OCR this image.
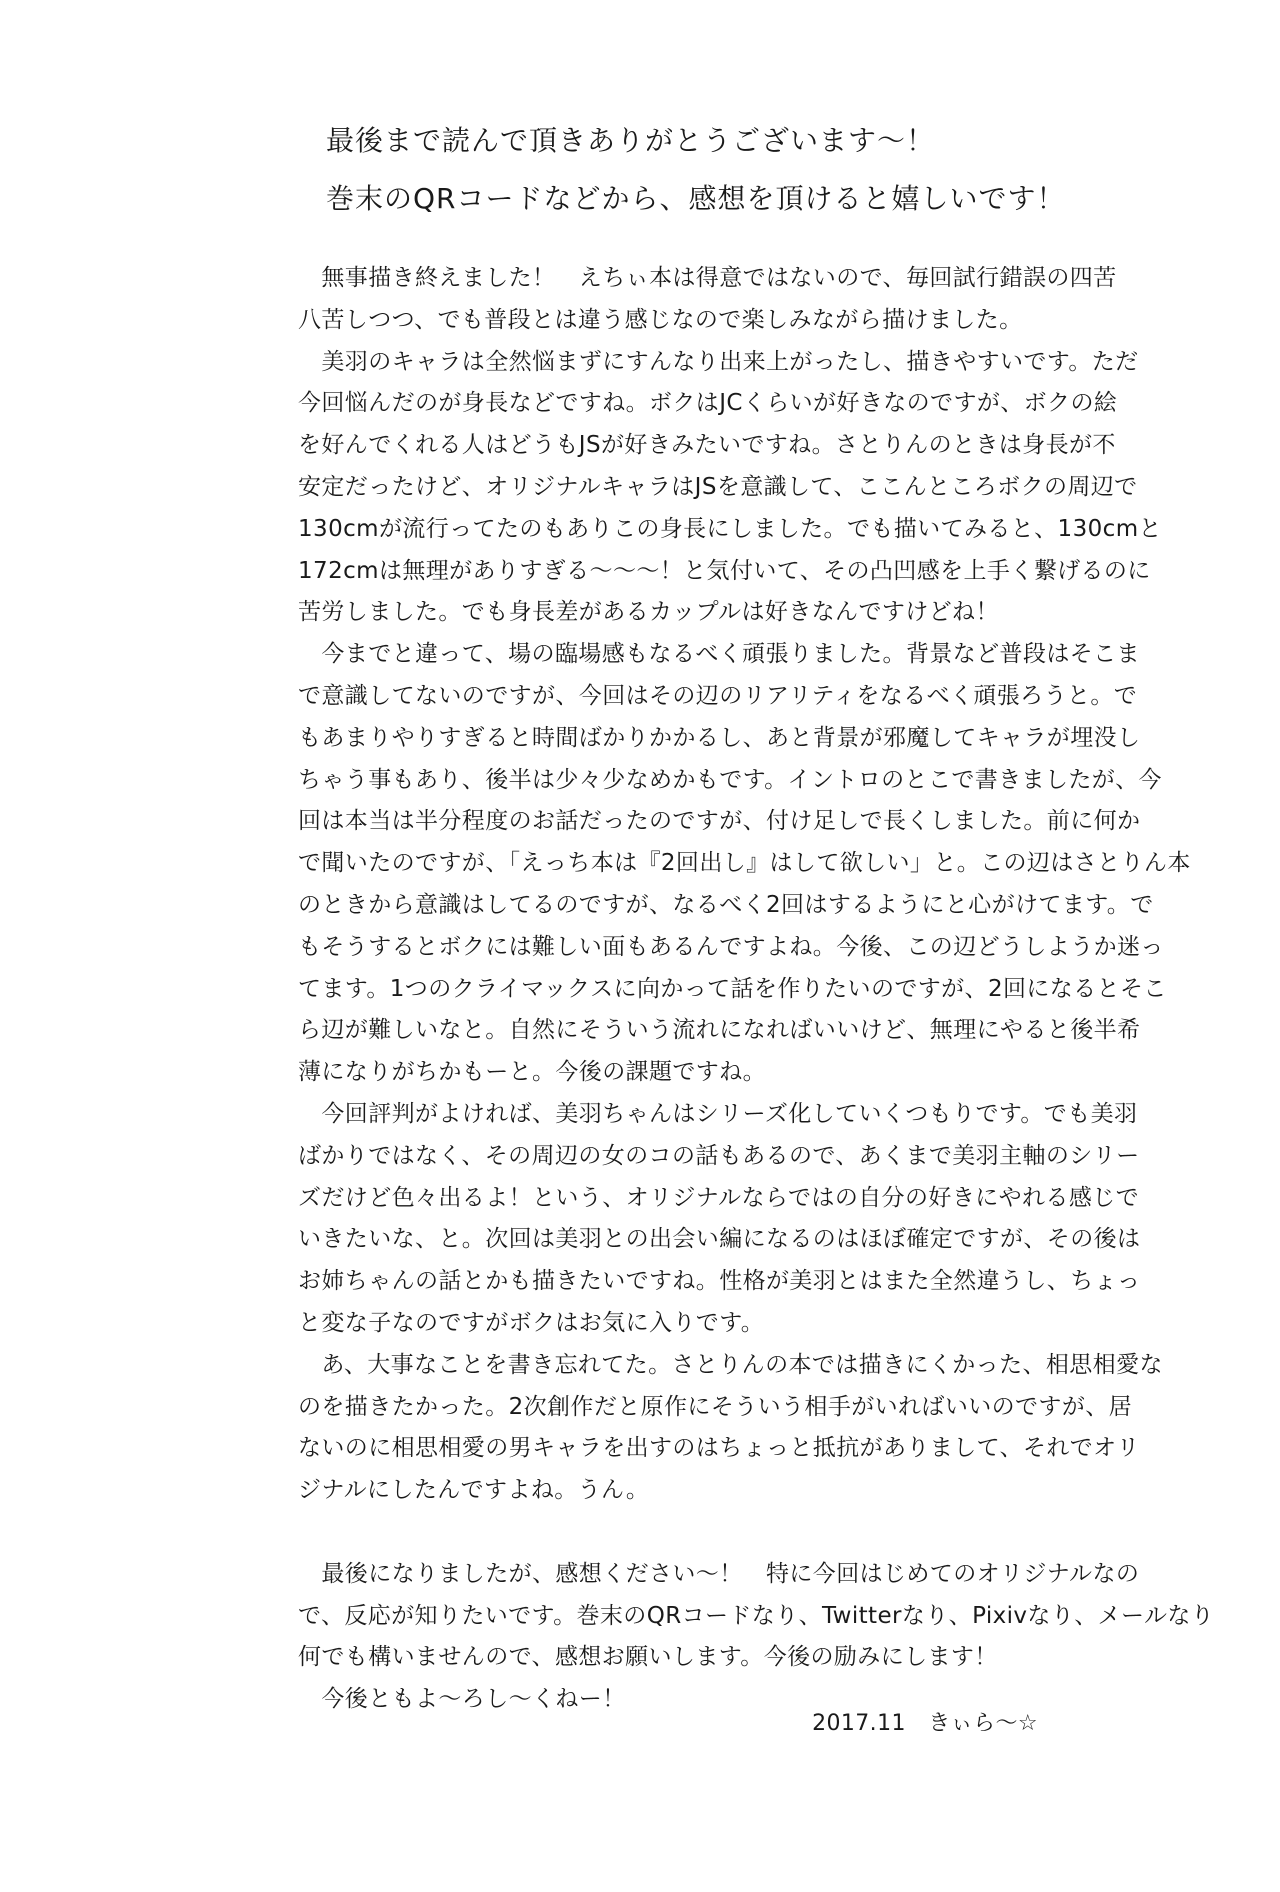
最後まで読んで頂きありがとうございます～！
巻末のQRコードなどから、感想を頂けると嬉しいです！
　無事描き終えました！　えちぃ本は得意ではないので、毎回試行錯誤の四苦
八苦しつつ、でも普段とは違う感じなので楽しみながら描けました。
　美羽のキャラは全然悩まずにすんなり出来上がったし、描きやすいです。ただ
今回悩んだのが身長などですね。ボクはJCくらいが好きなのですが、ボクの絵
を好んでくれる人はどうもJSが好きみたいですね。さとりんのときは身長が不
安定だったけど、オリジナルキャラはJSを意識して、ここんところボクの周辺で
130cmが流行ってたのもありこの身長にしました。でも描いてみると、130cmと
172cmは無理がありすぎる～～～！と気付いて、その凸凹感を上手く繋げるのに
苦労しました。でも身長差があるカップルは好きなんですけどね！
　今までと違って、場の臨場感もなるべく頑張りました。背景など普段はそこま
で意識してないのですが、今回はその辺のリアリティをなるべく頑張ろうと。で
もあまりやりすぎると時間ばかりかかるし、あと背景が邪魔してキャラが埋没し
ちゃう事もあり、後半は少々少なめかもです。イントロのとこで書きましたが、今
回は本当は半分程度のお話だったのですが、付け足しで長くしました。前に何か
で聞いたのですが、「えっち本は『2回出し』はして欲しい」と。この辺はさとりん本
のときから意識はしてるのですが、なるべく2回はするようにと心がけてます。で
もそうするとボクには難しい面もあるんですよね。今後、この辺どうしようか迷っ
てます。1つのクライマックスに向かって話を作りたいのですが、2回になるとそこ
ら辺が難しいなと。自然にそういう流れになればいいけど、無理にやると後半希
薄になりがちかもーと。今後の課題ですね。
　今回評判がよければ、美羽ちゃんはシリーズ化していくつもりです。でも美羽
ばかりではなく、その周辺の女のコの話もあるので、あくまで美羽主軸のシリー
ズだけど色々出るよ！という、オリジナルならではの自分の好きにやれる感じで
いきたいな、と。次回は美羽との出会い編になるのはほぼ確定ですが、その後は
お姉ちゃんの話とかも描きたいですね。性格が美羽とはまた全然違うし、ちょっ
と変な子なのですがボクはお気に入りです。
　あ、大事なことを書き忘れてた。さとりんの本では描きにくかった、相思相愛な
のを描きたかった。2次創作だと原作にそういう相手がいればいいのですが、居
ないのに相思相愛の男キャラを出すのはちょっと抵抗がありまして、それでオリ
ジナルにしたんですよね。うん。
　最後になりましたが、感想ください～！　特に今回はじめてのオリジナルなの
で、反応が知りたいです。巻末のQRコードなり、Twitterなり、Pixivなり、メールなり
何でも構いませんので、感想お願いします。今後の励みにします！
　今後ともよ～ろし～くねー！
2017.11　きぃら～☆
